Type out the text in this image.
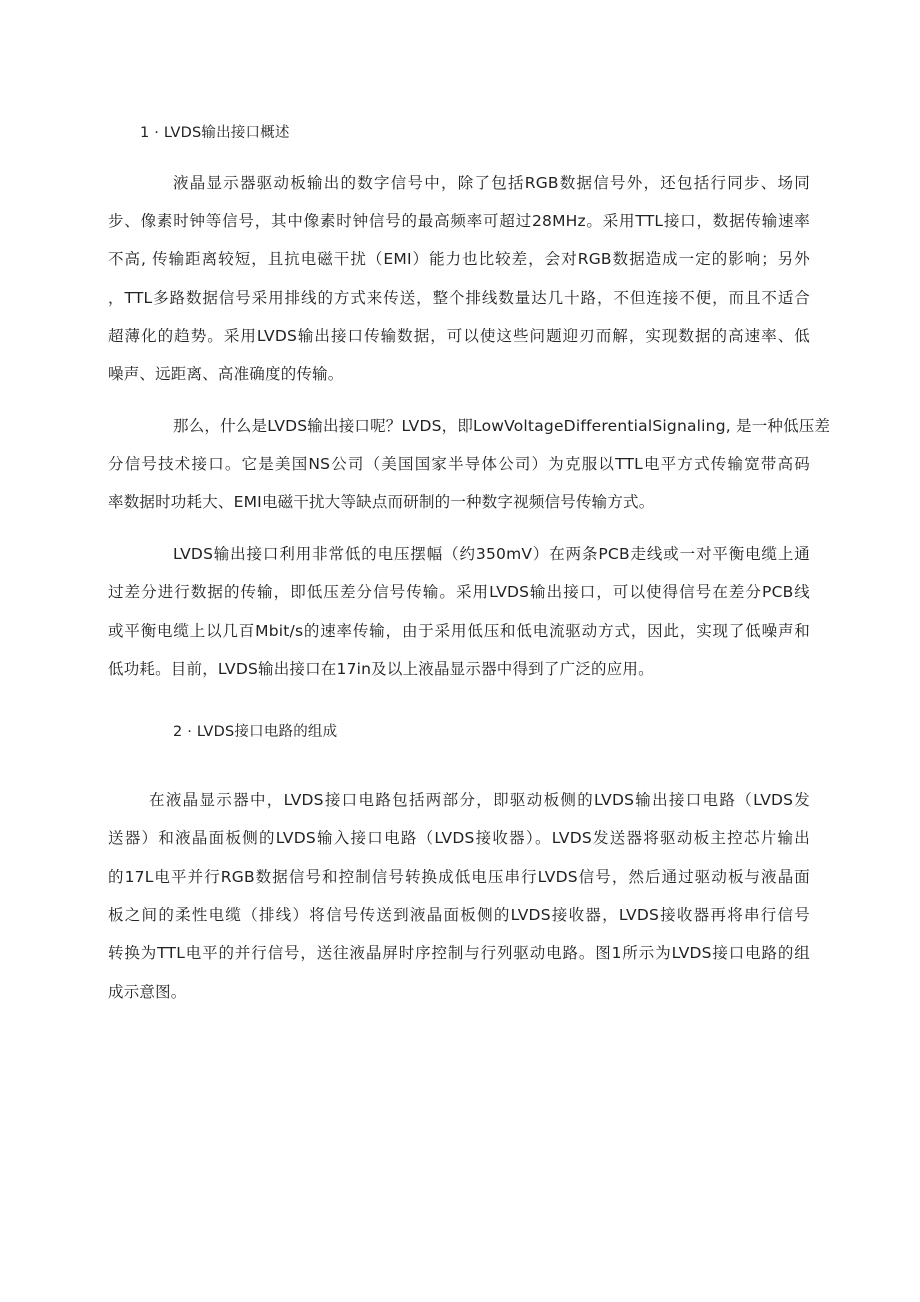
1 · LVDS输出接口概述
液晶显示器驱动板输出的数字信号中，除了包括RGB数据信号外，还包括行同步、场同
步、像素时钟等信号，其中像素时钟信号的最高频率可超过28MHz。采用TTL接口，数据传输速率
不高, 传输距离较短，且抗电磁干扰（EMI）能力也比较差，会对RGB数据造成一定的影响；另外
，TTL多路数据信号采用排线的方式来传送，整个排线数量达几十路，不但连接不便，而且不适合
超薄化的趋势。采用LVDS输出接口传输数据，可以使这些问题迎刃而解，实现数据的高速率、低
噪声、远距离、高准确度的传输。
那么，什么是LVDS输出接口呢？LVDS，即LowVoltageDifferentialSignaling, 是一种低压差
分信号技术接口。它是美国NS公司（美国国家半导体公司）为克服以TTL电平方式传输宽带高码
率数据时功耗大、EMI电磁干扰大等缺点而研制的一种数字视频信号传输方式。
LVDS输出接口利用非常低的电压摆幅（约350mV）在两条PCB走线或一对平衡电缆上通
过差分进行数据的传输，即低压差分信号传输。采用LVDS输出接口，可以使得信号在差分PCB线
或平衡电缆上以几百Mbit/s的速率传输，由于采用低压和低电流驱动方式，因此，实现了低噪声和
低功耗。目前，LVDS输出接口在17in及以上液晶显示器中得到了广泛的应用。
2 · LVDS接口电路的组成
在液晶显示器中，LVDS接口电路包括两部分，即驱动板侧的LVDS输出接口电路（LVDS发
送器）和液晶面板侧的LVDS输入接口电路（LVDS接收器）。LVDS发送器将驱动板主控芯片输出
的17L电平并行RGB数据信号和控制信号转换成低电压串行LVDS信号，然后通过驱动板与液晶面
板之间的柔性电缆（排线）将信号传送到液晶面板侧的LVDS接收器，LVDS接收器再将串行信号
转换为TTL电平的并行信号，送往液晶屏时序控制与行列驱动电路。图1所示为LVDS接口电路的组
成示意图。
